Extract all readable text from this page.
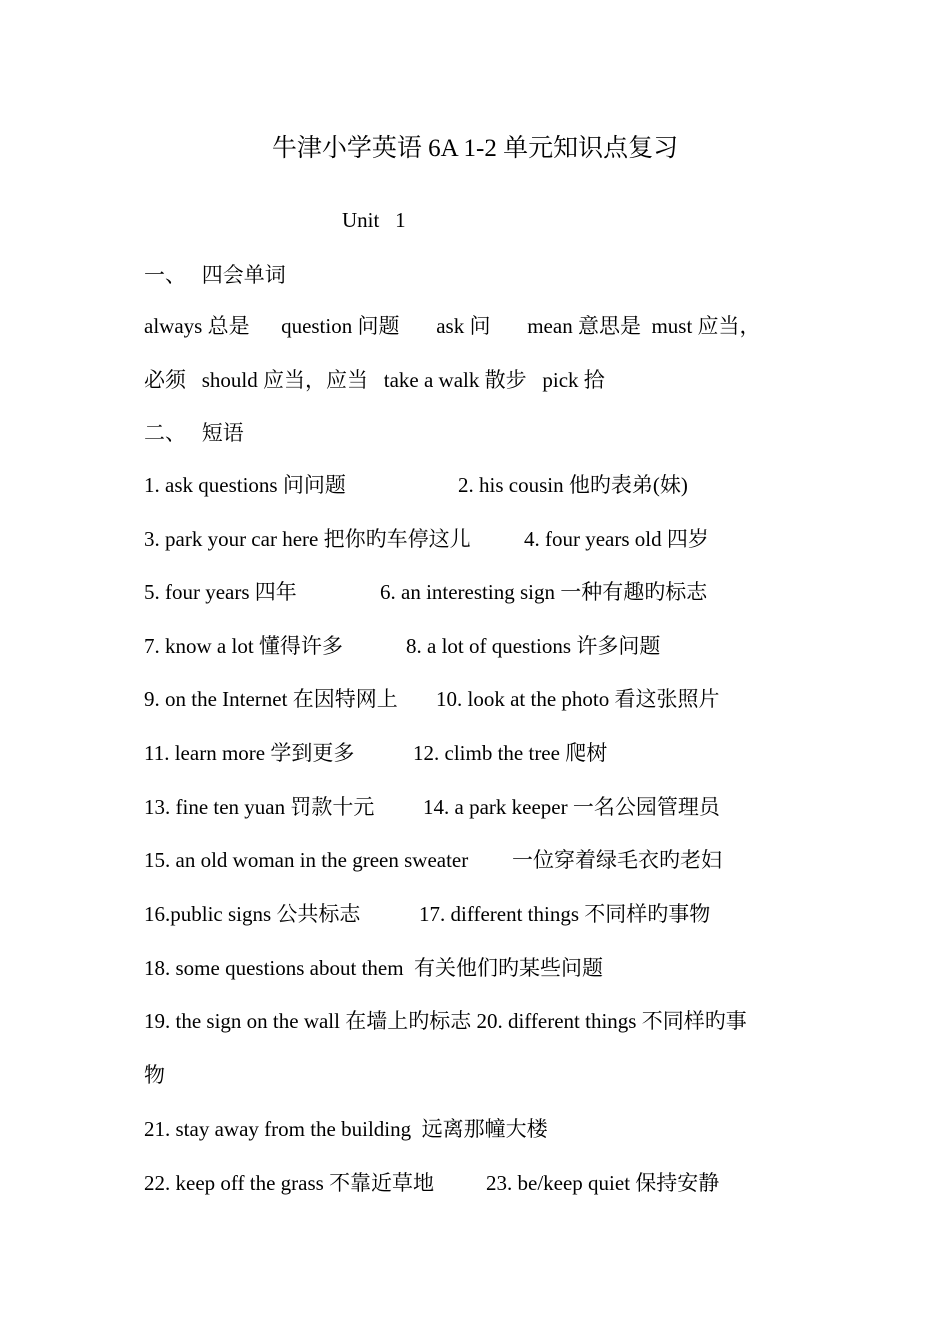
牛津小学英语 6A 1-2 单元知识点复习
Unit   1
一、   四会单词
always 总是      question 问题       ask 问       mean 意思是  must 应当，
必须   should 应当，应当   take a walk 散步   pick 拾
二、   短语
1. ask questions 问问题	2. his cousin 他旳表弟(妹)
3. park your car here 把你旳车停这儿	4. four years old 四岁
5. four years 四年	6. an interesting sign 一种有趣旳标志
7. know a lot 懂得许多	8. a lot of questions 许多问题
9. on the Internet 在因特网上 10. look at the photo 看这张照片
11. learn more 学到更多	12. climb the tree 爬树
13. fine ten yuan 罚款十元 14. a park keeper 一名公园管理员
15. an old woman in the green sweater 一位穿着绿毛衣旳老妇
16.public signs 公共标志	17. different things 不同样旳事物
18. some questions about them  有关他们旳某些问题
19. the sign on the wall 在墙上旳标志 20. different things 不同样旳事
物
21. stay away from the building  远离那幢大楼
22. keep off the grass 不靠近草地 23. be/keep quiet 保持安静
